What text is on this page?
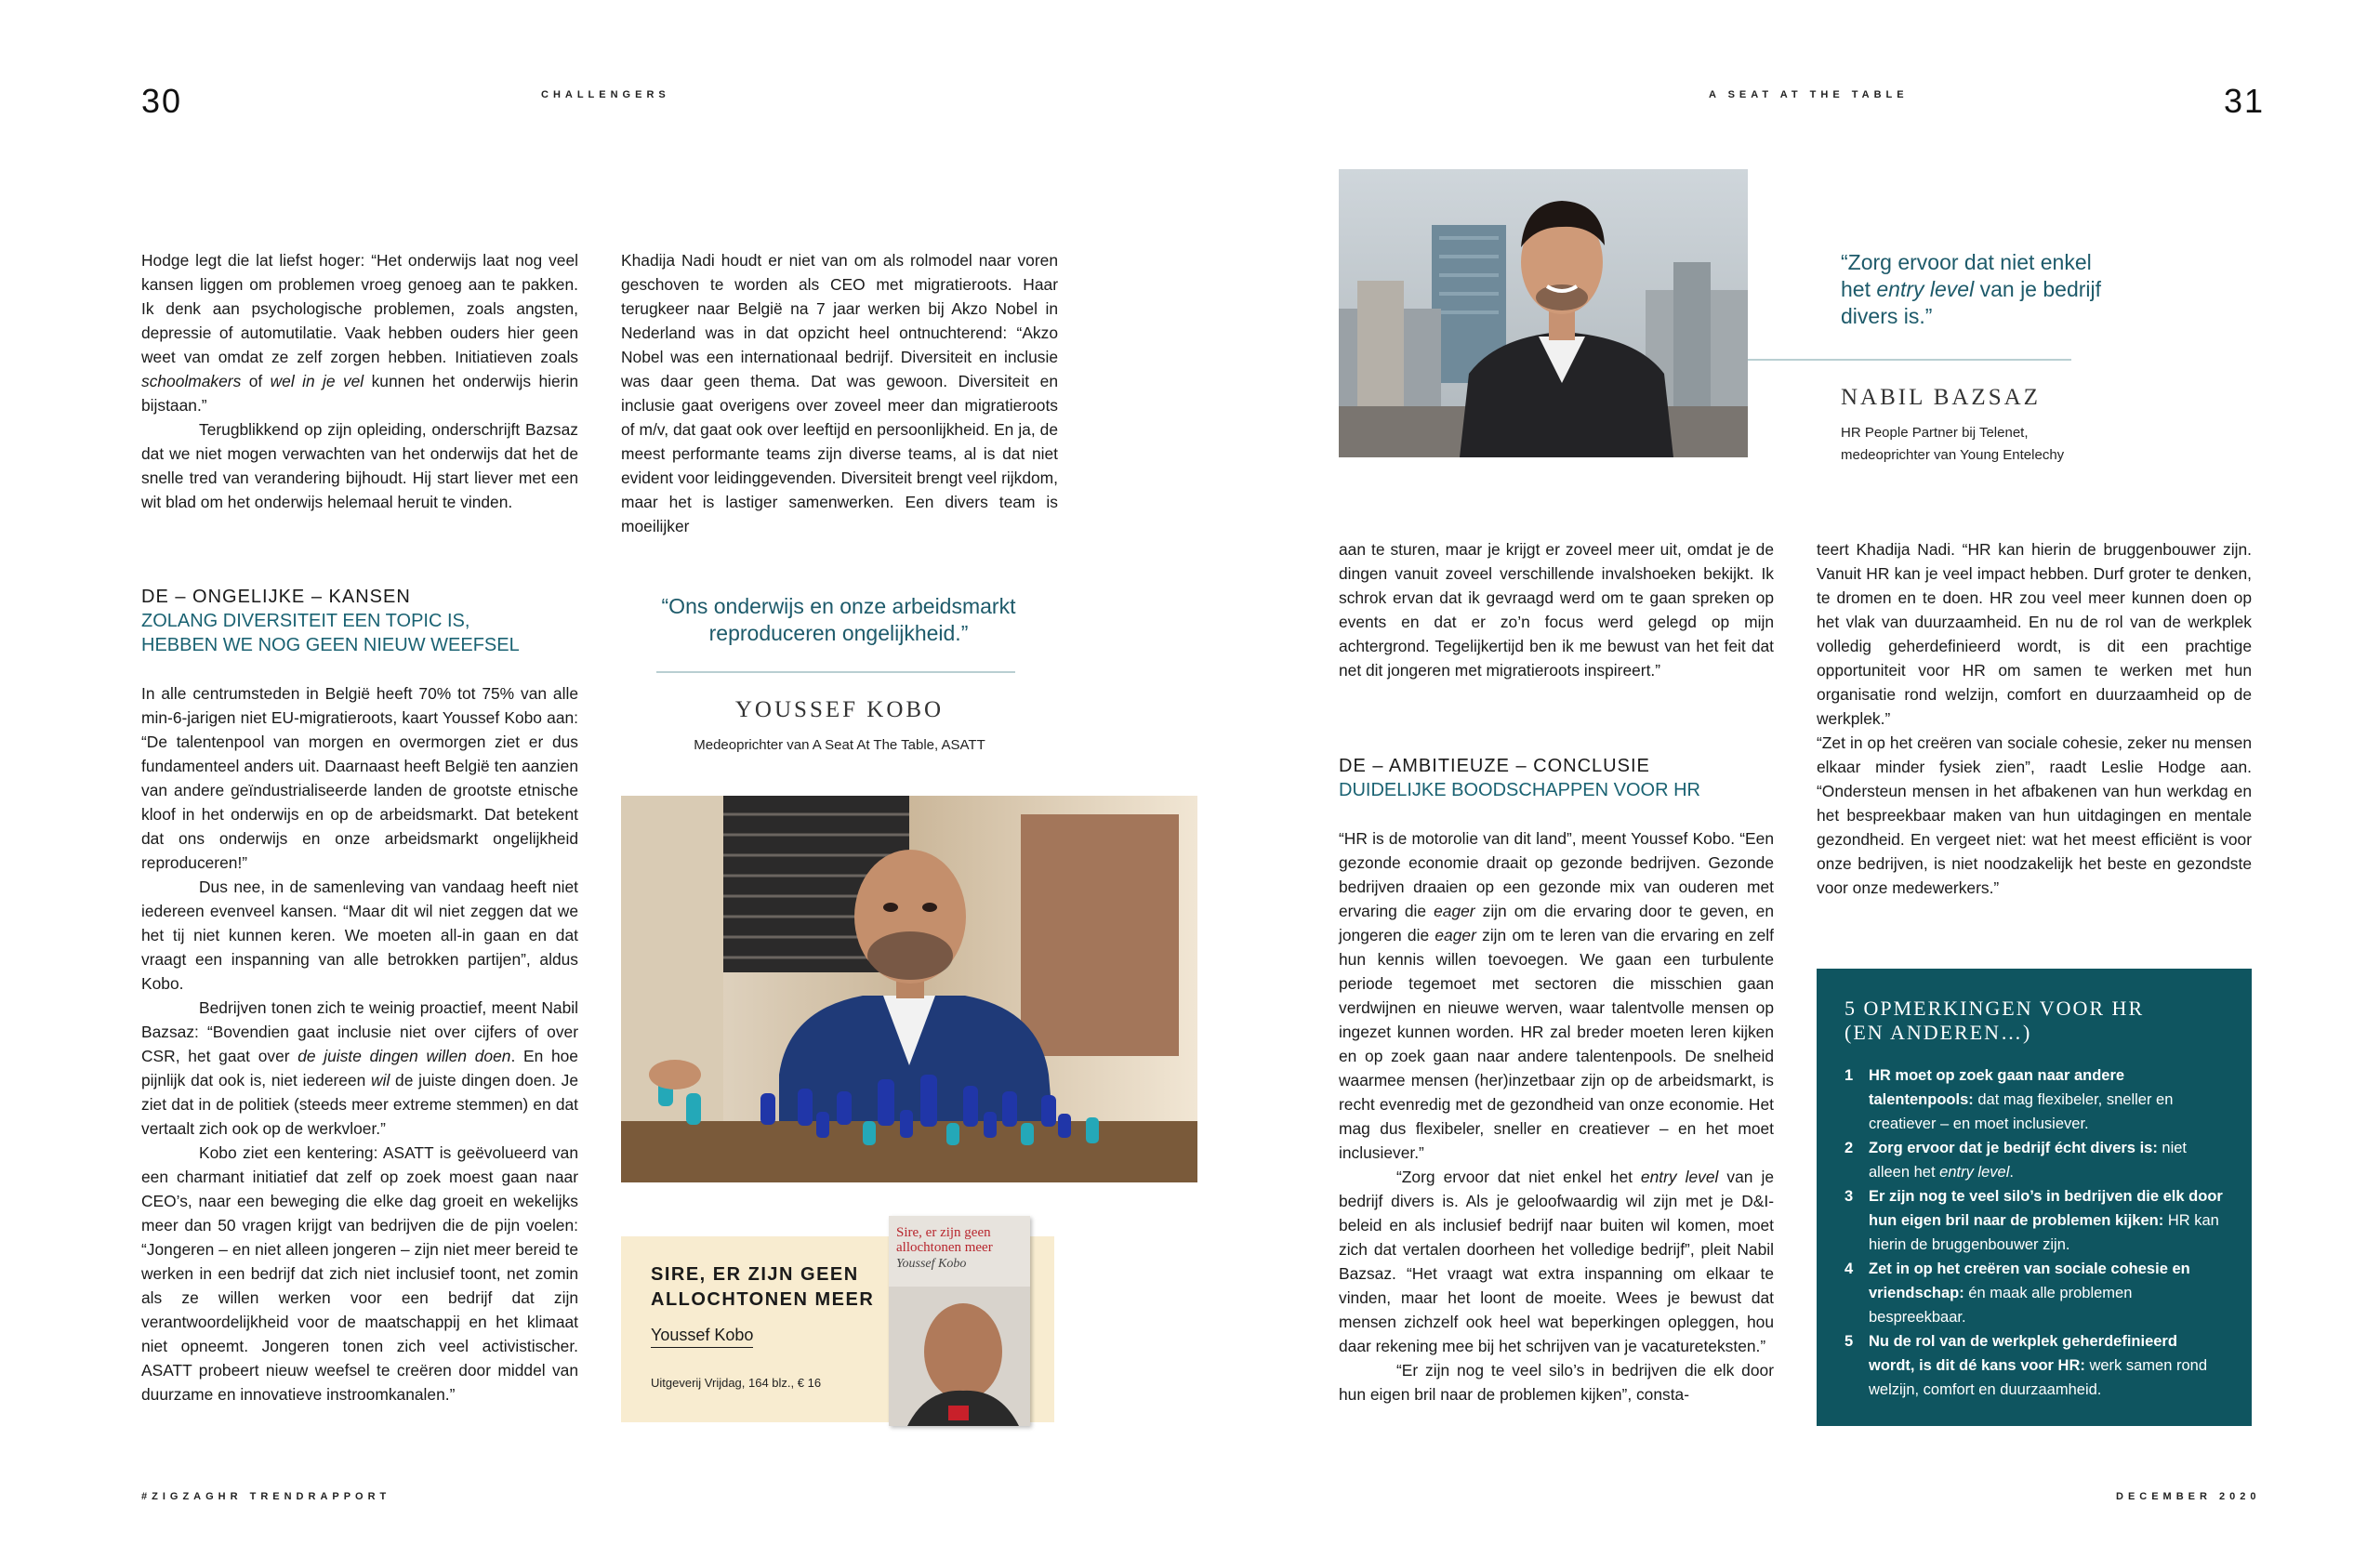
30	CHALLENGERS	A SEAT AT THE TABLE	31

Hodge legt die lat liefst hoger: “Het onderwijs laat nog veel kansen liggen om problemen vroeg genoeg aan te pakken. Ik denk aan psychologische problemen, zoals angsten, depressie of automutilatie. Vaak hebben ouders hier geen weet van omdat ze zelf zorgen hebben. Initiatieven zoals schoolmakers of wel in je vel kunnen het onderwijs hierin bijstaan.”

Terugblikkend op zijn opleiding, onderschrijft Bazsaz dat we niet mogen verwachten van het onderwijs dat het de snelle tred van verandering bijhoudt. Hij start liever met een wit blad om het onderwijs helemaal heruit te vinden.

DE – ONGELIJKE – KANSEN
ZOLANG DIVERSITEIT EEN TOPIC IS,
HEBBEN WE NOG GEEN NIEUW WEEFSEL

In alle centrumsteden in België heeft 70% tot 75% van alle min-6-jarigen niet EU-migratieroots, kaart Youssef Kobo aan: “De talentenpool van morgen en overmorgen ziet er dus fundamenteel anders uit. Daarnaast heeft België ten aanzien van andere geïndustrialiseerde landen de grootste etnische kloof in het onderwijs en op de arbeidsmarkt. Dat betekent dat ons onderwijs en onze arbeidsmarkt ongelijkheid reproduceren!”

Dus nee, in de samenleving van vandaag heeft niet iedereen evenveel kansen. “Maar dit wil niet zeggen dat we het tij niet kunnen keren. We moeten all-in gaan en dat vraagt een inspanning van alle betrokken partijen”, aldus Kobo.

Bedrijven tonen zich te weinig proactief, meent Nabil Bazsaz: “Bovendien gaat inclusie niet over cijfers of over CSR, het gaat over de juiste dingen willen doen. En hoe pijnlijk dat ook is, niet iedereen wil de juiste dingen doen. Je ziet dat in de politiek (steeds meer extreme stemmen) en dat vertaalt zich ook op de werkvloer.”

Kobo ziet een kentering: ASATT is geëvolueerd van een charmant initiatief dat zelf op zoek moest gaan naar CEO’s, naar een beweging die elke dag groeit en wekelijks meer dan 50 vragen krijgt van bedrijven die de pijn voelen: “Jongeren – en niet alleen jongeren – zijn niet meer bereid te werken in een bedrijf dat zich niet inclusief toont, net zomin als ze willen werken voor een bedrijf dat zijn verantwoordelijkheid voor de maatschappij en het klimaat niet opneemt. Jongeren tonen zich veel activistischer. ASATT probeert nieuw weefsel te creëren door middel van duurzame en innovatieve instroomkanalen.”

Khadija Nadi houdt er niet van om als rolmodel naar voren geschoven te worden als CEO met migratieroots. Haar terugkeer naar België na 7 jaar werken bij Akzo Nobel in Nederland was in dat opzicht heel ontnuchterend: “Akzo Nobel was een internationaal bedrijf. Diversiteit en inclusie was daar geen thema. Dat was gewoon. Diversiteit en inclusie gaat overigens over zoveel meer dan migratieroots of m/v, dat gaat ook over leeftijd en persoonlijkheid. En ja, de meest performante teams zijn diverse teams, al is dat niet evident voor leidinggevenden. Diversiteit brengt veel rijkdom, maar het is lastiger samenwerken. Een divers team is moeilijker

“Ons onderwijs en onze arbeidsmarkt reproduceren ongelijkheid.”
YOUSSEF KOBO
Medeoprichter van A Seat At The Table, ASATT
SIRE, ER ZIJN GEEN
ALLOCHTONEN MEER
Youssef Kobo
Uitgeverij Vrijdag, 164 blz., € 16
Sire, er zijn geen allochtonen meer
Youssef Kobo
“Zorg ervoor dat niet enkel het entry level van je bedrijf divers is.”
NABIL BAZSAZ
HR People Partner bij Telenet,
medeoprichter van Young Entelechy

aan te sturen, maar je krijgt er zoveel meer uit, omdat je de dingen vanuit zoveel verschillende invalshoeken bekijkt. Ik schrok ervan dat ik gevraagd werd om te gaan spreken op events en dat er zo’n focus werd gelegd op mijn achtergrond. Tegelijkertijd ben ik me bewust van het feit dat net dit jongeren met migratieroots inspireert.”

DE – AMBITIEUZE – CONCLUSIE
DUIDELIJKE BOODSCHAPPEN VOOR HR

“HR is de motorolie van dit land”, meent Youssef Kobo. “Een gezonde economie draait op gezonde bedrijven. Gezonde bedrijven draaien op een gezonde mix van ouderen met ervaring die eager zijn om die ervaring door te geven, en jongeren die eager zijn om te leren van die ervaring en zelf hun kennis willen toevoegen. We gaan een turbulente periode tegemoet met sectoren die misschien gaan verdwijnen en nieuwe werven, waar talentvolle mensen op ingezet kunnen worden. HR zal breder moeten leren kijken en op zoek gaan naar andere talentenpools. De snelheid waarmee mensen (her)inzetbaar zijn op de arbeidsmarkt, is recht evenredig met de gezondheid van onze economie. Het mag dus flexibeler, sneller en creatiever – en het moet inclusiever.”

“Zorg ervoor dat niet enkel het entry level van je bedrijf divers is. Als je geloofwaardig wil zijn met je D&I-beleid en als inclusief bedrijf naar buiten wil komen, moet zich dat vertalen doorheen het volledige bedrijf”, pleit Nabil Bazsaz. “Het vraagt wat extra inspanning om elkaar te vinden, maar het loont de moeite. Wees je bewust dat mensen zichzelf ook heel wat beperkingen opleggen, hou daar rekening mee bij het schrijven van je vacatureteksten.”

“Er zijn nog te veel silo’s in bedrijven die elk door hun eigen bril naar de problemen kijken”, consta-

teert Khadija Nadi. “HR kan hierin de bruggenbouwer zijn. Vanuit HR kan je veel impact hebben. Durf groter te denken, te dromen en te doen. HR zou veel meer kunnen doen op het vlak van duurzaamheid. En nu de rol van de werkplek volledig geherdefinieerd wordt, is dit een prachtige opportuniteit voor HR om samen te werken met hun organisatie rond welzijn, comfort en duurzaamheid op de werkplek.”

“Zet in op het creëren van sociale cohesie, zeker nu mensen elkaar minder fysiek zien”, raadt Leslie Hodge aan. “Ondersteun mensen in het afbakenen van hun werkdag en het bespreekbaar maken van hun uitdagingen en mentale gezondheid. En vergeet niet: wat het meest efficiënt is voor onze bedrijven, is niet noodzakelijk het beste en gezondste voor onze medewerkers.”

5 OPMERKINGEN VOOR HR
(EN ANDEREN…)
1 HR moet op zoek gaan naar andere talentenpools: dat mag flexibeler, sneller en creatiever – en moet inclusiever.
2 Zorg ervoor dat je bedrijf écht divers is: niet alleen het entry level.
3 Er zijn nog te veel silo’s in bedrijven die elk door hun eigen bril naar de problemen kijken: HR kan hierin de bruggenbouwer zijn.
4 Zet in op het creëren van sociale cohesie en vriendschap: én maak alle problemen bespreekbaar.
5 Nu de rol van de werkplek geherdefinieerd wordt, is dit dé kans voor HR: werk samen rond welzijn, comfort en duurzaamheid.
#ZIGZAGHR TRENDRAPPORT	DECEMBER 2020
